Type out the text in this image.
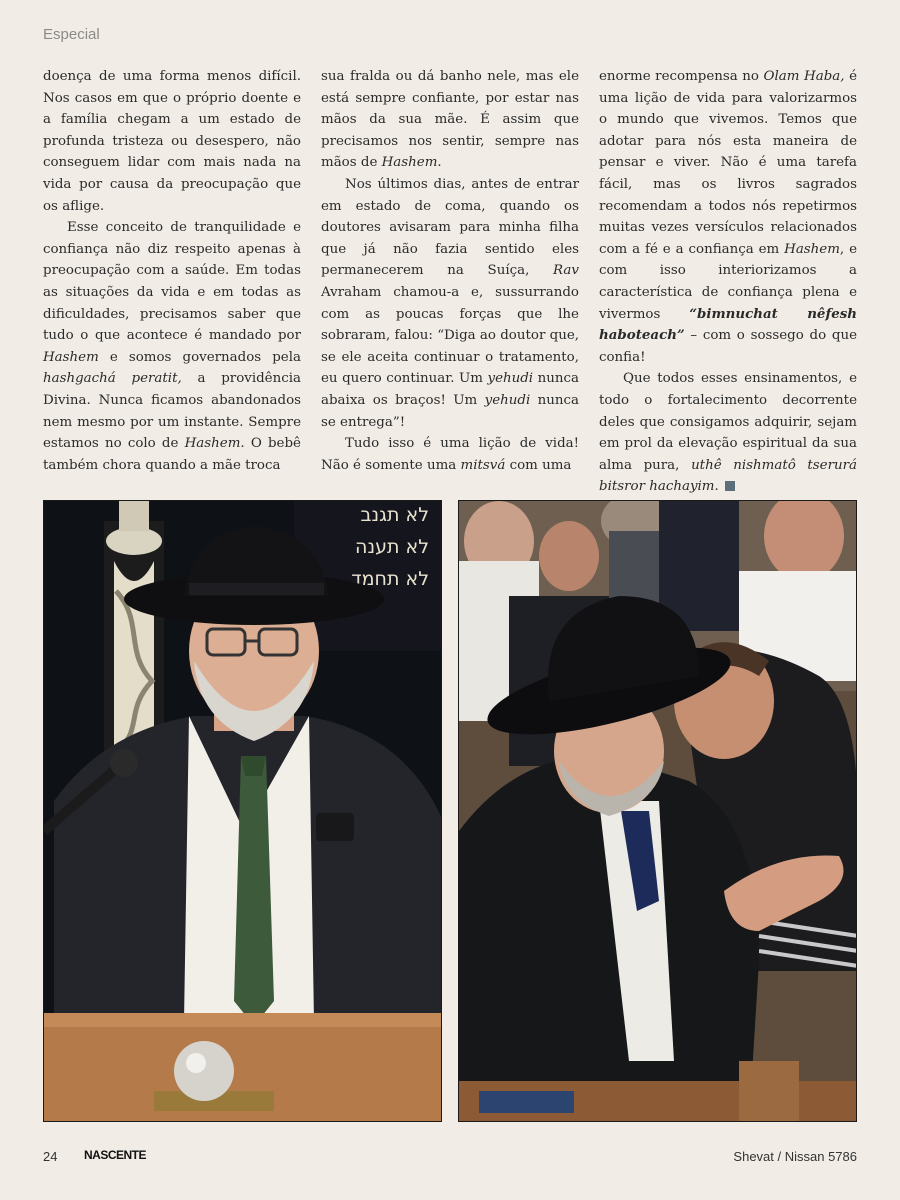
Especial

doença de uma forma menos difícil. Nos casos em que o próprio doente e a família chegam a um estado de profunda tristeza ou desespero, não conseguem lidar com mais nada na vida por causa da preocupação que os aflige.

Esse conceito de tranquilidade e confiança não diz respeito apenas à preocupação com a saúde. Em todas as situações da vida e em todas as dificuldades, precisamos saber que tudo o que acontece é mandado por Hashem e somos governados pela hashgachá peratit, a providência Divina. Nunca ficamos abandonados nem mesmo por um instante. Sempre estamos no colo de Hashem. O bebê também chora quando a mãe troca

sua fralda ou dá banho nele, mas ele está sempre confiante, por estar nas mãos da sua mãe. É assim que precisamos nos sentir, sempre nas mãos de Hashem.

Nos últimos dias, antes de entrar em estado de coma, quando os doutores avisaram para minha filha que já não fazia sentido eles permanecerem na Suíça, Rav Avraham chamou-a e, sussurrando com as poucas forças que lhe sobraram, falou: “Diga ao doutor que, se ele aceita continuar o tratamento, eu quero continuar. Um yehudi nunca abaixa os braços! Um yehudi nunca se entrega”!

Tudo isso é uma lição de vida! Não é somente uma mitsvá com uma

enorme recompensa no Olam Haba, é uma lição de vida para valorizarmos o mundo que vivemos. Temos que adotar para nós esta maneira de pensar e viver. Não é uma tarefa fácil, mas os livros sagrados recomendam a todos nós repetirmos muitas vezes versículos relacionados com a fé e a confiança em Hashem, e com isso interiorizamos a característica de confiança plena e vivermos “bimnuchat nêfesh haboteach” – com o sossego do que confia!

Que todos esses ensinamentos, e todo o fortalecimento decorrente deles que consigamos adquirir, sejam em prol da elevação espiritual da sua alma pura, uthê nishmatô tserurá bitsror hachayim.

לא תגנב
לא תענה
לא תחמד
24 NASCENTE	Shevat / Nissan 5786
